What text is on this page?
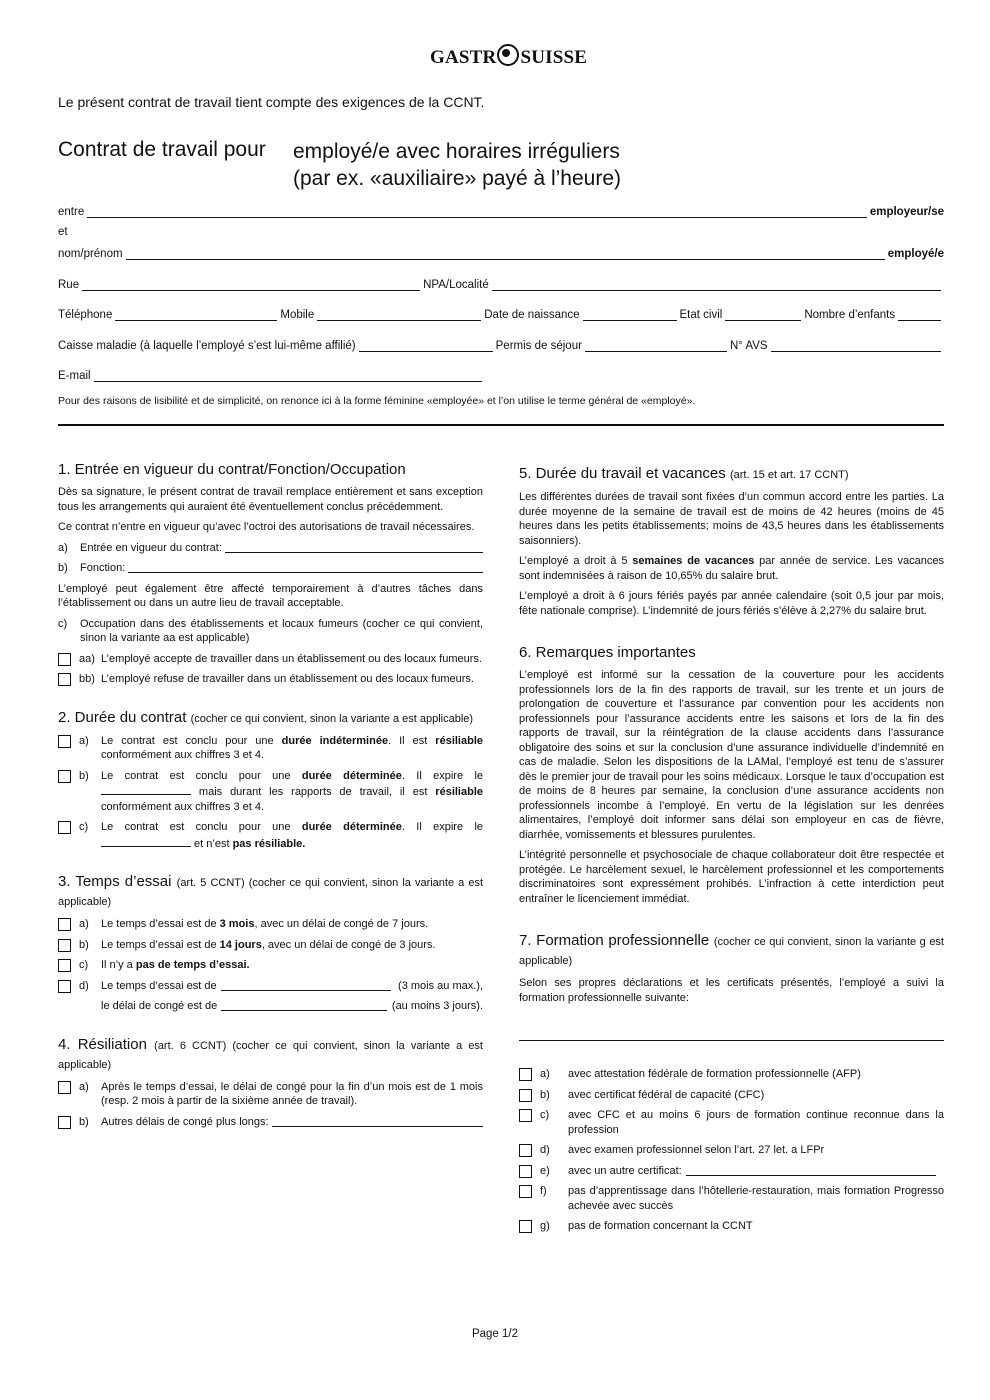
GASTR SUISSE
Le présent contrat de travail tient compte des exigences de la CCNT.
Contrat de travail pour employé/e avec horaires irréguliers
(par ex. «auxiliaire» payé à l’heure)
entre	employeur/se
et
nom/prénom	employé/e
Rue	NPA/Localité
Téléphone	Mobile	Date de naissance	Etat civil	Nombre d’enfants
Caisse maladie (à laquelle l’employé s’est lui-même affilié)	Permis de séjour	N° AVS
E-mail
Pour des raisons de lisibilité et de simplicité, on renonce ici à la forme féminine «employée» et l’on utilise le terme général de «employé».
1. Entrée en vigueur du contrat/Fonction/Occupation

Dès sa signature, le présent contrat de travail remplace entièrement et sans exception tous les arrangements qui auraient été éventuellement conclus précédemment.

Ce contrat n’entre en vigueur qu’avec l’octroi des autorisations de travail nécessaires.

a)	Entrée en vigueur du contrat:
b)	Fonction:

L’employé peut également être affecté temporairement à d’autres tâches dans l’établissement ou dans un autre lieu de travail acceptable.

c)	Occupation dans des établissements et locaux fumeurs (cocher ce qui convient, sinon la variante aa est applicable)
aa) L’employé accepte de travailler dans un établissement ou des locaux fumeurs.
bb) L’employé refuse de travailler dans un établissement ou des locaux fumeurs.
2. Durée du contrat (cocher ce qui convient, sinon la variante a est applicable)
a)	Le contrat est conclu pour une durée indéterminée. Il est résiliable conformément aux chiffres 3 et 4.
b)	Le contrat est conclu pour une durée déterminée. Il expire le  mais durant les rapports de travail, il est résiliable conformément aux chiffres 3 et 4.
c)	Le contrat est conclu pour une durée déterminée. Il expire le  et n’est pas résiliable.
3. Temps d’essai (art. 5 CCNT) (cocher ce qui convient, sinon la variante a est applicable)
a)	Le temps d’essai est de 3 mois, avec un délai de congé de 7 jours.
b)	Le temps d’essai est de 14 jours, avec un délai de congé de 3 jours.
c)	Il n’y a pas de temps d’essai.
d)	Le temps d’essai est de	(3 mois au max.),
le délai de congé est de	(au moins 3 jours).
4. Résiliation (art. 6 CCNT) (cocher ce qui convient, sinon la variante a est applicable)
a)	Après le temps d’essai, le délai de congé pour la fin d’un mois est de 1 mois (resp. 2 mois à partir de la sixième année de travail).
b)	Autres délais de congé plus longs:
5. Durée du travail et vacances (art. 15 et art. 17 CCNT)

Les différentes durées de travail sont fixées d’un commun accord entre les parties. La durée moyenne de la semaine de travail est de moins de 42 heures (moins de 45 heures dans les petits établissements; moins de 43,5 heures dans les établissements saisonniers).

L’employé a droit à 5 semaines de vacances par année de service. Les vacances sont indemnisées à raison de 10,65% du salaire brut.

L’employé a droit à 6 jours fériés payés par année calendaire (soit 0,5 jour par mois, fête nationale comprise). L’indemnité de jours fériés s’élève à 2,27% du salaire brut.

6. Remarques importantes

L’employé est informé sur la cessation de la couverture pour les accidents professionnels lors de la fin des rapports de travail, sur les trente et un jours de prolongation de couverture et l’assurance par convention pour les accidents non professionnels pour l’assurance accidents entre les saisons et lors de la fin des rapports de travail, sur la réintégration de la clause accidents dans l’assurance obligatoire des soins et sur la conclusion d’une assurance individuelle d’indemnité en cas de maladie. Selon les dispositions de la LAMal, l’employé est tenu de s’assurer dès le premier jour de travail pour les soins médicaux. Lorsque le taux d’occupation est de moins de 8 heures par semaine, la conclusion d’une assurance accidents non professionnels incombe à l’employé. En vertu de la législation sur les denrées alimentaires, l’employé doit informer sans délai son employeur en cas de fièvre, diarrhée, vomissements et blessures purulentes.

L’intégrité personnelle et psychosociale de chaque collaborateur doit être respectée et protégée. Le harcèlement sexuel, le harcèlement professionnel et les comportements discriminatoires sont expressément prohibés. L’infraction à cette interdiction peut entraîner le licenciement immédiat.

7. Formation professionnelle (cocher ce qui convient, sinon la variante g est applicable)

Selon ses propres déclarations et les certificats présentés, l’employé a suivi la formation professionnelle suivante:

a)	avec attestation fédérale de formation professionnelle (AFP)
b)	avec certificat fédéral de capacité (CFC)
c)	avec CFC et au moins 6 jours de formation continue reconnue dans la profession
d)	avec examen professionnel selon l’art. 27 let. a LFPr
e)	avec un autre certificat:
f)	pas d’apprentissage dans l’hôtellerie-restauration, mais formation Progresso achevée avec succès
g)	pas de formation concernant la CCNT
Page 1/2
